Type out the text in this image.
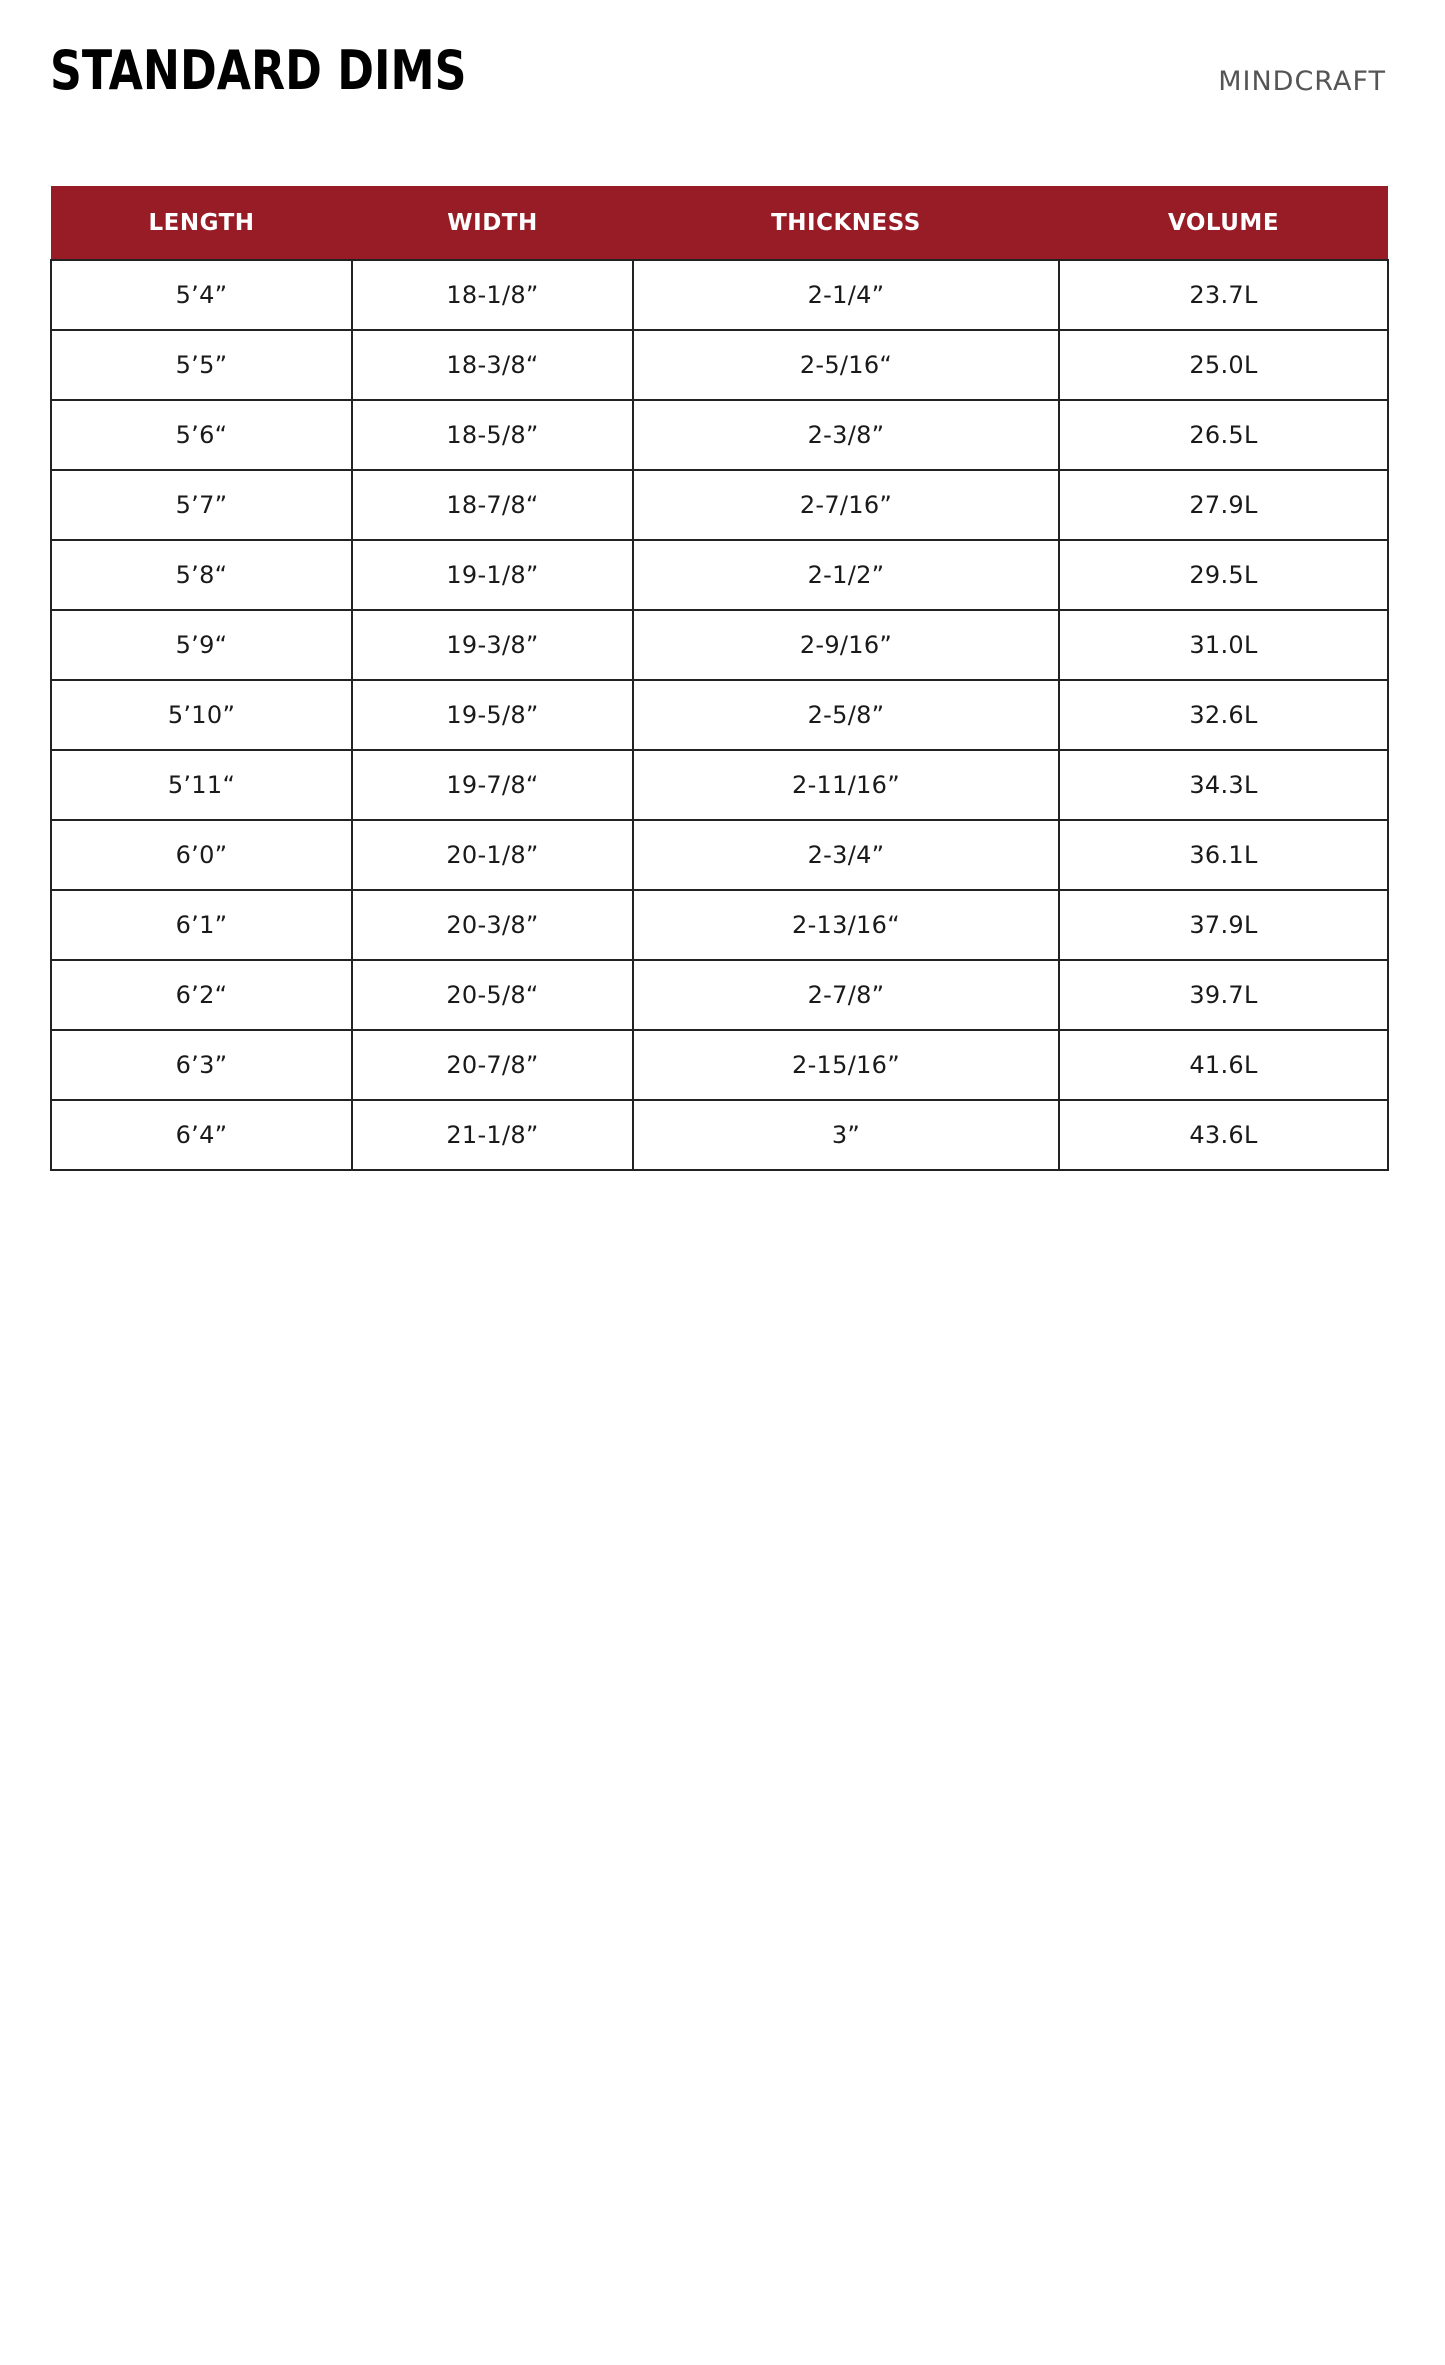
STANDARD DIMS	MINDCRAFT
LENGTH	WIDTH	THICKNESS	VOLUME
5’4”	18-1/8”	2-1/4”	23.7L
5’5”	18-3/8“	2-5/16“	25.0L
5’6“	18-5/8”	2-3/8”	26.5L
5’7”	18-7/8“	2-7/16”	27.9L
5’8“	19-1/8”	2-1/2”	29.5L
5’9“	19-3/8”	2-9/16”	31.0L
5’10”	19-5/8”	2-5/8”	32.6L
5’11“	19-7/8“	2-11/16”	34.3L
6’0”	20-1/8”	2-3/4”	36.1L
6’1”	20-3/8”	2-13/16“	37.9L
6’2“	20-5/8“	2-7/8”	39.7L
6’3”	20-7/8”	2-15/16”	41.6L
6’4”	21-1/8”	3”	43.6L
